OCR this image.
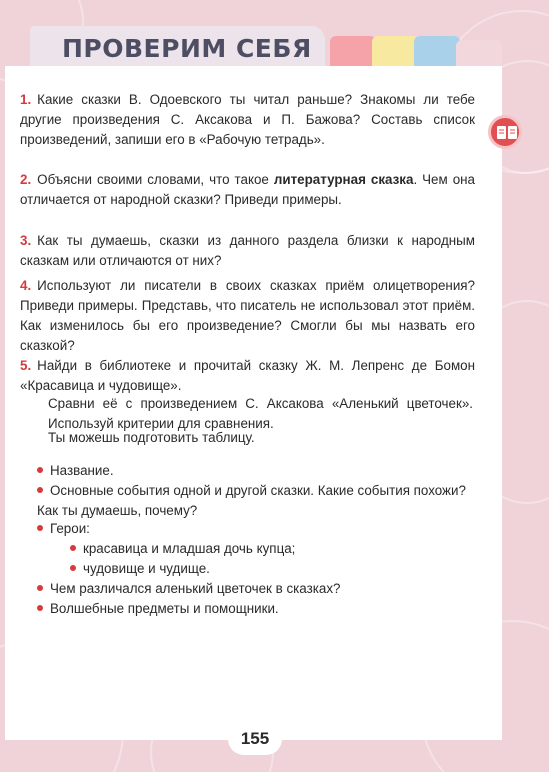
ПРОВЕРИМ СЕБЯ
1. Какие сказки В. Одоевского ты читал раньше? Знакомы ли тебе другие произведения С. Аксакова и П. Бажова? Составь список произведений, запиши его в «Рабочую тетрадь».
2. Объясни своими словами, что такое литературная сказка. Чем она отличается от народной сказки? Приведи примеры.
3. Как ты думаешь, сказки из данного раздела близки к народным сказкам или отличаются от них?
4. Используют ли писатели в своих сказках приём олицетворения? Приведи примеры. Представь, что писатель не использовал этот приём. Как изменилось бы его произведение? Смогли бы мы назвать его сказкой?
5. Найди в библиотеке и прочитай сказку Ж. М. Лепренс де Бомон «Красавица и чудовище».
Сравни её с произведением С. Аксакова «Аленький цветочек». Используй критерии для сравнения.
Ты можешь подготовить таблицу.
Название.
Основные события одной и другой сказки. Какие события похожи? Как ты думаешь, почему?
Герои:
красавица и младшая дочь купца;
чудовище и чудище.
Чем различался аленький цветочек в сказках?
Волшебные предметы и помощники.
155
